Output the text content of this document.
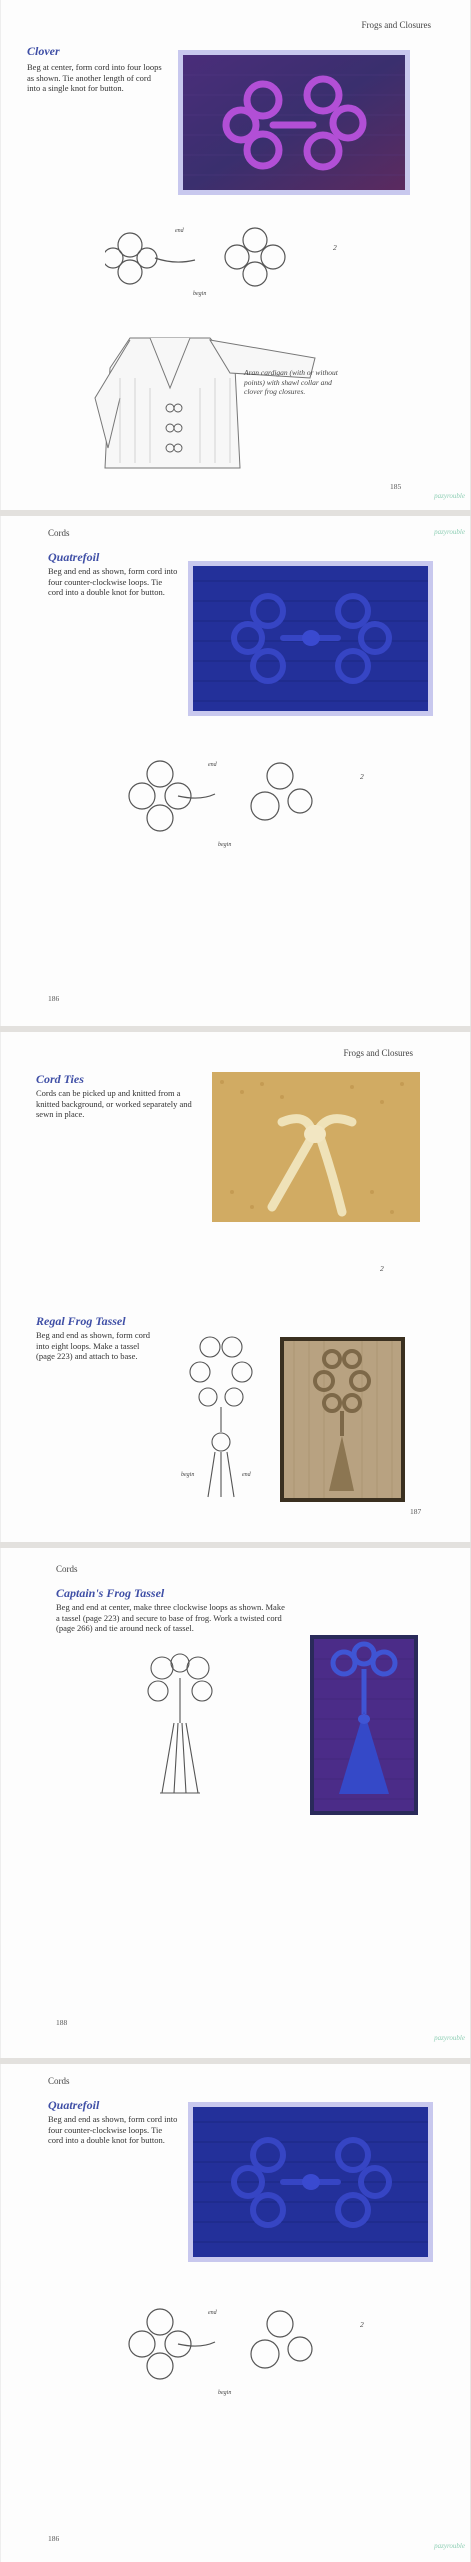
Frogs and Closures
Clover
Beg at center, form cord into four loops as shown. Tie another length of cord into a single knot for button.
end
begin
2
Aran cardigan (with or without points) with shawl collar and clover frog closures.
185
pazyrouble
Cords
Quatrefoil
Beg and end as shown, form cord into four counter-clockwise loops. Tie cord into a double knot for button.
end
begin
2
186
pazyrouble
Frogs and Closures
Cord Ties
Cords can be picked up and knitted from a knitted background, or worked separately and sewn in place.
2
Regal Frog Tassel
Beg and end as shown, form cord into eight loops. Make a tassel (page 223) and attach to base.
begin	end
187
Cords
Captain's Frog Tassel
Beg and end at center, make three clockwise loops as shown. Make a tassel (page 223) and secure to base of frog. Work a twisted cord (page 266) and tie around neck of tassel.
188
pazyrouble
Cords
Quatrefoil
Beg and end as shown, form cord into four counter-clockwise loops. Tie cord into a double knot for button.
end
begin
2
186
pazyrouble
